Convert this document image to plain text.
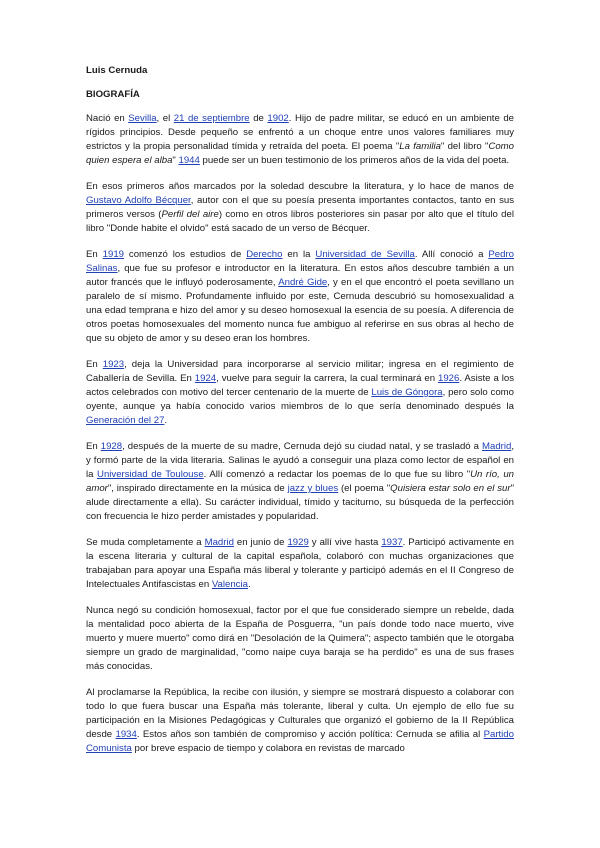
Luis Cernuda

BIOGRAFÍA

Nació en Sevilla, el 21 de septiembre de 1902. Hijo de padre militar, se educó en un ambiente de rígidos principios. Desde pequeño se enfrentó a un choque entre unos valores familiares muy estrictos y la propia personalidad tímida y retraída del poeta. El poema "La familia" del libro "Como quien espera el alba" 1944 puede ser un buen testimonio de los primeros años de la vida del poeta.

En esos primeros años marcados por la soledad descubre la literatura, y lo hace de manos de Gustavo Adolfo Bécquer, autor con el que su poesía presenta importantes contactos, tanto en sus primeros versos (Perfil del aire) como en otros libros posteriores sin pasar por alto que el título del libro "Donde habite el olvido" está sacado de un verso de Bécquer.

En 1919 comenzó los estudios de Derecho en la Universidad de Sevilla. Allí conoció a Pedro Salinas, que fue su profesor e introductor en la literatura. En estos años descubre también a un autor francés que le influyó poderosamente, André Gide, y en el que encontró el poeta sevillano un paralelo de sí mismo. Profundamente influido por este, Cernuda descubrió su homosexualidad a una edad temprana e hizo del amor y su deseo homosexual la esencia de su poesía. A diferencia de otros poetas homosexuales del momento nunca fue ambiguo al referirse en sus obras al hecho de que su objeto de amor y su deseo eran los hombres.

En 1923, deja la Universidad para incorporarse al servicio militar; ingresa en el regimiento de Caballería de Sevilla. En 1924, vuelve para seguir la carrera, la cual terminará en 1926. Asiste a los actos celebrados con motivo del tercer centenario de la muerte de Luis de Góngora, pero solo como oyente, aunque ya había conocido varios miembros de lo que sería denominado después la Generación del 27.

En 1928, después de la muerte de su madre, Cernuda dejó su ciudad natal, y se trasladó a Madrid, y formó parte de la vida literaria. Salinas le ayudó a conseguir una plaza como lector de español en la Universidad de Toulouse. Allí comenzó a redactar los poemas de lo que fue su libro "Un río, un amor", inspirado directamente en la música de jazz y blues (el poema "Quisiera estar solo en el sur" alude directamente a ella). Su carácter individual, tímido y taciturno, su búsqueda de la perfección con frecuencia le hizo perder amistades y popularidad.

Se muda completamente a Madrid en junio de 1929 y allí vive hasta 1937. Participó activamente en la escena literaria y cultural de la capital española, colaboró con muchas organizaciones que trabajaban para apoyar una España más liberal y tolerante y participó además en el II Congreso de Intelectuales Antifascistas en Valencia.

Nunca negó su condición homosexual, factor por el que fue considerado siempre un rebelde, dada la mentalidad poco abierta de la España de Posguerra, "un país donde todo nace muerto, vive muerto y muere muerto" como dirá en "Desolación de la Quimera"; aspecto también que le otorgaba siempre un grado de marginalidad, "como naipe cuya baraja se ha perdido" es una de sus frases más conocidas.

Al proclamarse la República, la recibe con ilusión, y siempre se mostrará dispuesto a colaborar con todo lo que fuera buscar una España más tolerante, liberal y culta. Un ejemplo de ello fue su participación en la Misiones Pedagógicas y Culturales que organizó el gobierno de la II República desde 1934. Estos años son también de compromiso y acción política: Cernuda se afilia al Partido Comunista por breve espacio de tiempo y colabora en revistas de marcado
